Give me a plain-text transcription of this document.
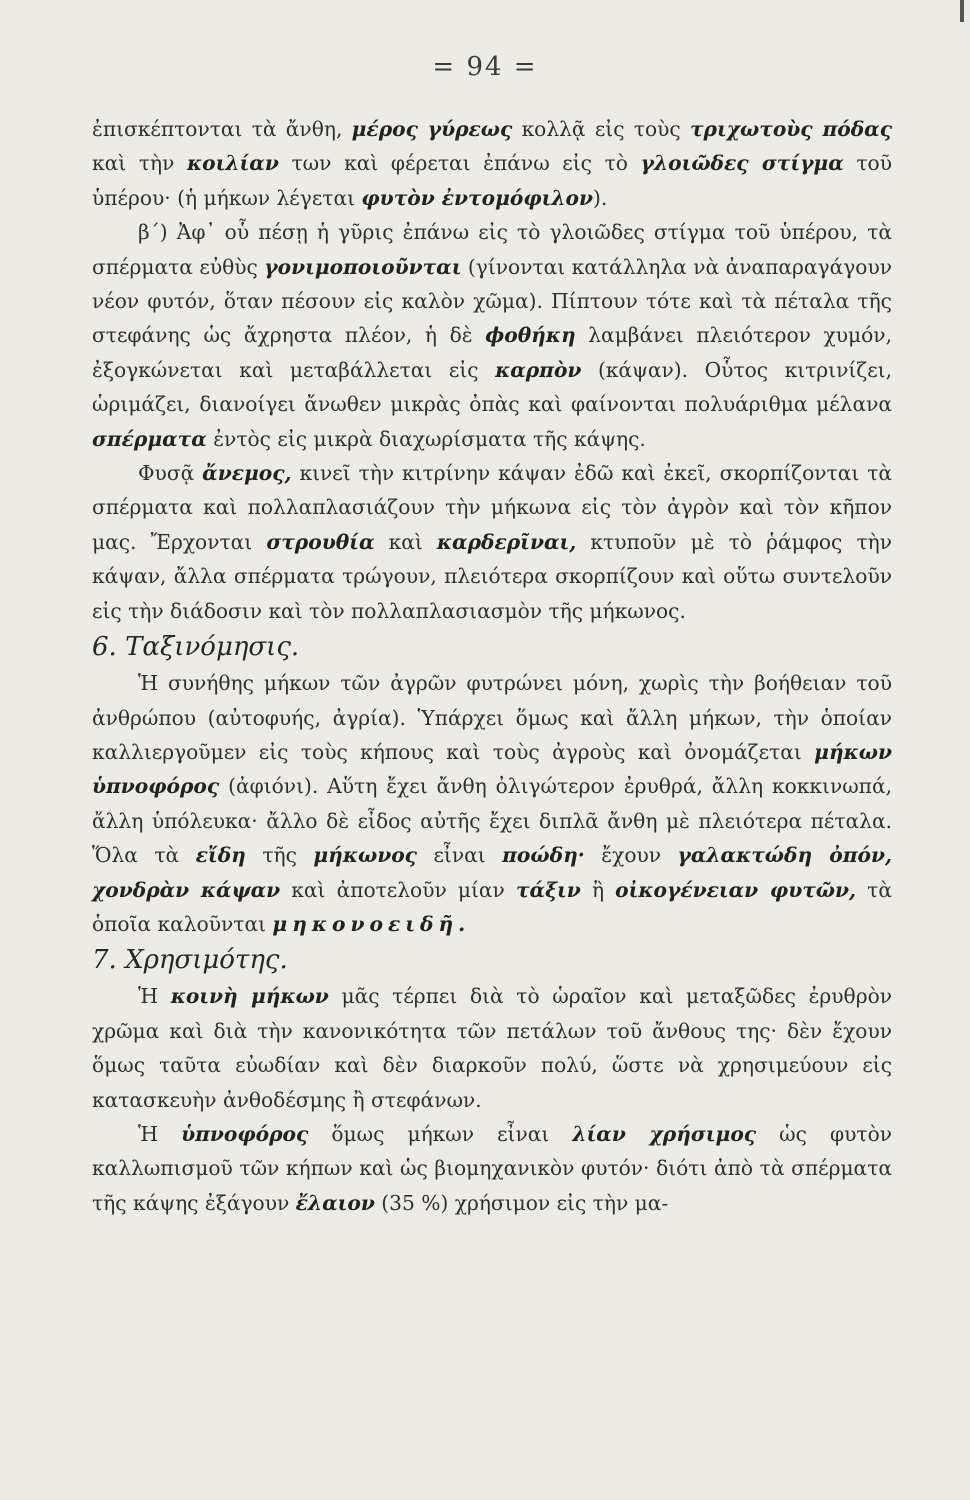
= 94 =

ἐπισκέπτονται τὰ ἄνθη, μέρος γύρεως κολλᾷ εἰς τοὺς τριχωτοὺς πόδας καὶ τὴν κοιλίαν των καὶ φέρεται ἐπάνω εἰς τὸ γλοιῶδες στίγμα τοῦ ὑπέρου· (ἡ μήκων λέγεται φυτὸν ἐντομόφιλον).

β΄) Ἀφ᾽ οὗ πέσῃ ἡ γῦρις ἐπάνω εἰς τὸ γλοιῶδες στίγμα τοῦ ὑπέρου, τὰ σπέρματα εὐθὺς γονιμοποιοῦνται (γίνονται κατάλληλα νὰ ἀναπαραγάγουν νέον φυτόν, ὅταν πέσουν εἰς καλὸν χῶμα). Πίπτουν τότε καὶ τὰ πέταλα τῆς στεφάνης ὡς ἄχρηστα πλέον, ἡ δὲ ϕοθήκη λαμβάνει πλειότερον χυμόν, ἐξογκώνεται καὶ μεταβάλλεται εἰς καρπὸν (κάψαν). Οὗτος κιτρινίζει, ὡριμάζει, διανοίγει ἄνωθεν μικρὰς ὀπὰς καὶ φαίνονται πολυάριθμα μέλανα σπέρματα ἐντὸς εἰς μικρὰ διαχωρίσματα τῆς κάψης.

Φυσᾷ ἄνεμος, κινεῖ τὴν κιτρίνην κάψαν ἐδῶ καὶ ἐκεῖ, σκορπίζονται τὰ σπέρματα καὶ πολλαπλασιάζουν τὴν μήκωνα εἰς τὸν ἀγρὸν καὶ τὸν κῆπον μας. Ἔρχονται στρουθία καὶ καρδερῖναι, κτυποῦν μὲ τὸ ῥάμφος τὴν κάψαν, ἄλλα σπέρματα τρώγουν, πλειότερα σκορπίζουν καὶ οὕτω συντελοῦν εἰς τὴν διάδοσιν καὶ τὸν πολλαπλασιασμὸν τῆς μήκωνος.

6. Ταξινόμησις.

Ἡ συνήθης μήκων τῶν ἀγρῶν φυτρώνει μόνη, χωρὶς τὴν βοήθειαν τοῦ ἀνθρώπου (αὐτοφυής, ἀγρία). Ὑπάρχει ὅμως καὶ ἄλλη μήκων, τὴν ὁποίαν καλλιεργοῦμεν εἰς τοὺς κήπους καὶ τοὺς ἀγροὺς καὶ ὀνομάζεται μήκων ὑπνοφόρος (ἀφιόνι). Αὕτη ἔχει ἄνθη ὀλιγώτερον ἐρυθρά, ἄλλη κοκκινωπά, ἄλλη ὑπόλευκα· ἄλλο δὲ εἶδος αὐτῆς ἔχει διπλᾶ ἄνθη μὲ πλειότερα πέταλα. Ὅλα τὰ εἴδη τῆς μήκωνος εἶναι ποώδη· ἔχουν γαλακτώδη ὀπόν, χονδρὰν κάψαν καὶ ἀποτελοῦν μίαν τάξιν ἢ οἰκογένειαν φυτῶν, τὰ ὁποῖα καλοῦνται μηκονοειδῆ.

7. Χρησιμότης.

Ἡ κοινὴ μήκων μᾶς τέρπει διὰ τὸ ὡραῖον καὶ μεταξῶδες ἐρυθρὸν χρῶμα καὶ διὰ τὴν κανονικότητα τῶν πετάλων τοῦ ἄνθους της· δὲν ἔχουν ὅμως ταῦτα εὐωδίαν καὶ δὲν διαρκοῦν πολύ, ὥστε νὰ χρησιμεύουν εἰς κατασκευὴν ἀνθοδέσμης ἢ στεφάνων.

Ἡ ὑπνοφόρος ὅμως μήκων εἶναι λίαν χρήσιμος ὡς φυτὸν καλλωπισμοῦ τῶν κήπων καὶ ὡς βιομηχανικὸν φυτόν· διότι ἀπὸ τὰ σπέρματα τῆς κάψης ἐξάγουν ἔλαιον (35 %) χρήσιμον εἰς τὴν μα-
